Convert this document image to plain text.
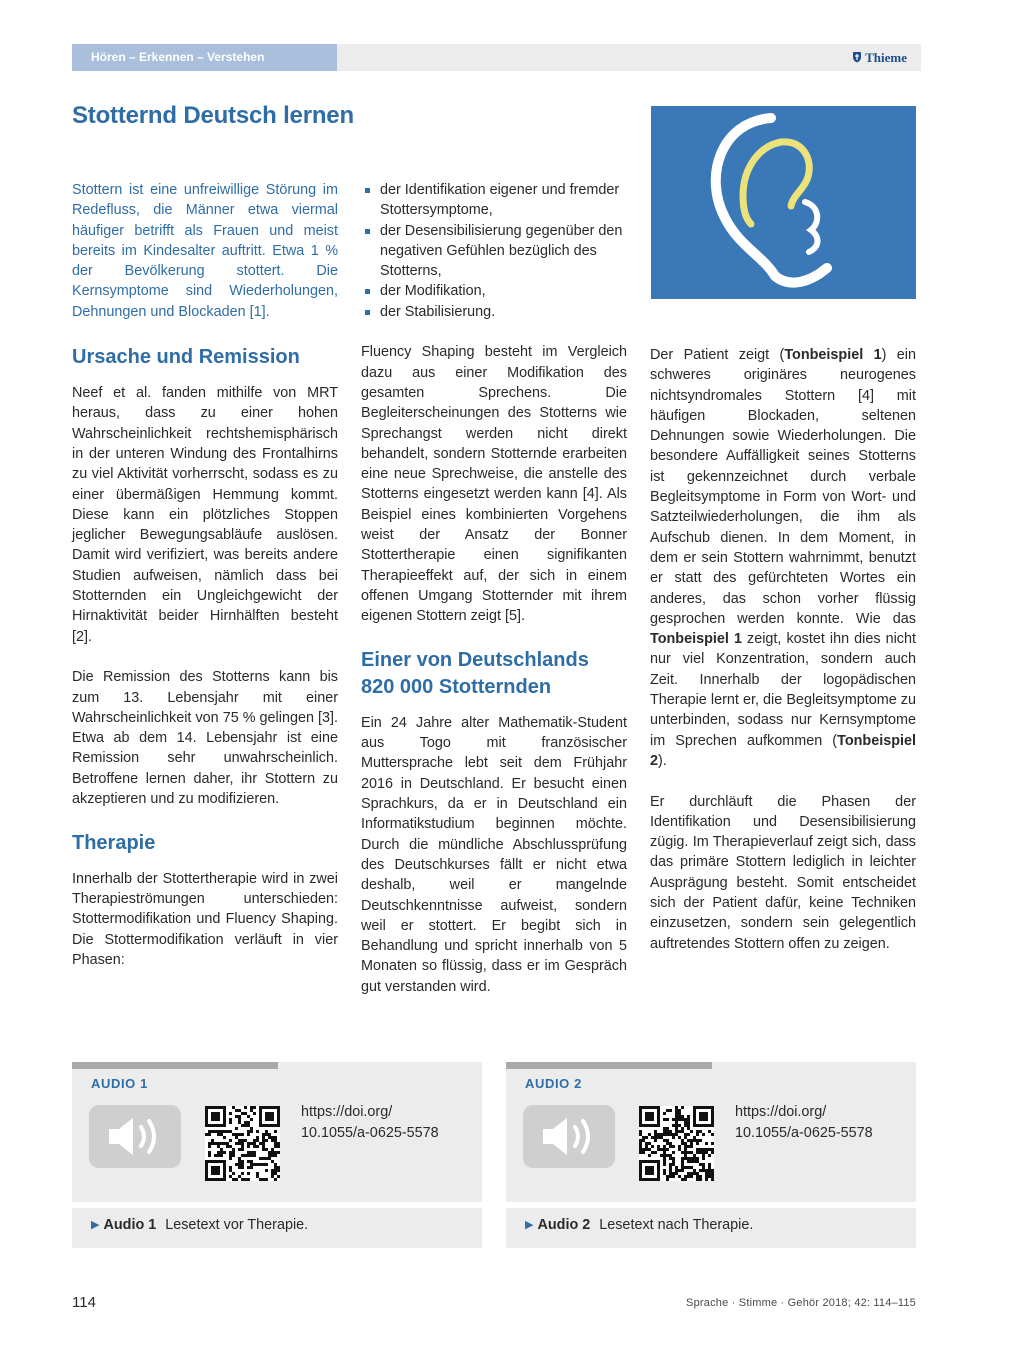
Hören – Erkennen – Verstehen	Thieme
Stotternd Deutsch lernen

Stottern ist eine unfreiwillige Störung im Redefluss, die Männer etwa viermal häufiger betrifft als Frauen und meist bereits im Kindesalter auftritt. Etwa 1 % der Bevölkerung stottert. Die Kernsymptome sind Wiederholungen, Dehnungen und Blockaden [1].

Ursache und Remission

Neef et al. fanden mithilfe von MRT heraus, dass zu einer hohen Wahrscheinlichkeit rechtshemisphärisch in der unteren Windung des Frontalhirns zu viel Aktivität vorherrscht, sodass es zu einer übermäßigen Hemmung kommt. Diese kann ein plötzliches Stoppen jeglicher Bewegungsabläufe auslösen. Damit wird verifiziert, was bereits andere Studien aufweisen, nämlich dass bei Stotternden ein Ungleichgewicht der Hirnaktivität beider Hirnhälften besteht [2].

Die Remission des Stotterns kann bis zum 13. Lebensjahr mit einer Wahrscheinlichkeit von 75 % gelingen [3]. Etwa ab dem 14. Lebensjahr ist eine Remission sehr unwahrscheinlich. Betroffene lernen daher, ihr Stottern zu akzeptieren und zu modifizieren.

Therapie

Innerhalb der Stottertherapie wird in zwei Therapieströmungen unterschieden: Stottermodifikation und Fluency Shaping. Die Stottermodifikation verläuft in vier Phasen:

der Identifikation eigener und fremder Stottersymptome,
der Desensibilisierung gegenüber den negativen Gefühlen bezüglich des Stotterns,
der Modifikation,
der Stabilisierung.

Fluency Shaping besteht im Vergleich dazu aus einer Modifikation des gesamten Sprechens. Die Begleiterscheinungen des Stotterns wie Sprechangst werden nicht direkt behandelt, sondern Stotternde erarbeiten eine neue Sprechweise, die anstelle des Stotterns eingesetzt werden kann [4]. Als Beispiel eines kombinierten Vorgehens weist der Ansatz der Bonner Stottertherapie einen signifikanten Therapieeffekt auf, der sich in einem offenen Umgang Stotternder mit ihrem eigenen Stottern zeigt [5].

Einer von Deutschlands 820 000 Stotternden

Ein 24 Jahre alter Mathematik-Student aus Togo mit französischer Muttersprache lebt seit dem Frühjahr 2016 in Deutschland. Er besucht einen Sprachkurs, da er in Deutschland ein Informatikstudium beginnen möchte. Durch die mündliche Abschlussprüfung des Deutschkurses fällt er nicht etwa deshalb, weil er mangelnde Deutschkenntnisse aufweist, sondern weil er stottert. Er begibt sich in Behandlung und spricht innerhalb von 5 Monaten so flüssig, dass er im Gespräch gut verstanden wird.

Der Patient zeigt (Tonbeispiel 1) ein schweres originäres neurogenes nichtsyndromales Stottern [4] mit häufigen Blockaden, seltenen Dehnungen sowie Wiederholungen. Die besondere Auffälligkeit seines Stotterns ist gekennzeichnet durch verbale Begleitsymptome in Form von Wort- und Satzteilwiederholungen, die ihm als Aufschub dienen. In dem Moment, in dem er sein Stottern wahrnimmt, benutzt er statt des gefürchteten Wortes ein anderes, das schon vorher flüssig gesprochen werden konnte. Wie das Tonbeispiel 1 zeigt, kostet ihn dies nicht nur viel Konzentration, sondern auch Zeit. Innerhalb der logopädischen Therapie lernt er, die Begleitsymptome zu unterbinden, sodass nur Kernsymptome im Sprechen aufkommen (Tonbeispiel 2).

Er durchläuft die Phasen der Identifikation und Desensibilisierung zügig. Im Therapieverlauf zeigt sich, dass das primäre Stottern lediglich in leichter Ausprägung besteht. Somit entscheidet sich der Patient dafür, keine Techniken einzusetzen, sondern sein gelegentlich auftretendes Stottern offen zu zeigen.

AUDIO 1
https://doi.org/
10.1055/a-0625-5578
▶ Audio 1 Lesetext vor Therapie.
AUDIO 2
https://doi.org/
10.1055/a-0625-5578
▶ Audio 2 Lesetext nach Therapie.
114	Sprache · Stimme · Gehör 2018; 42: 114–115
